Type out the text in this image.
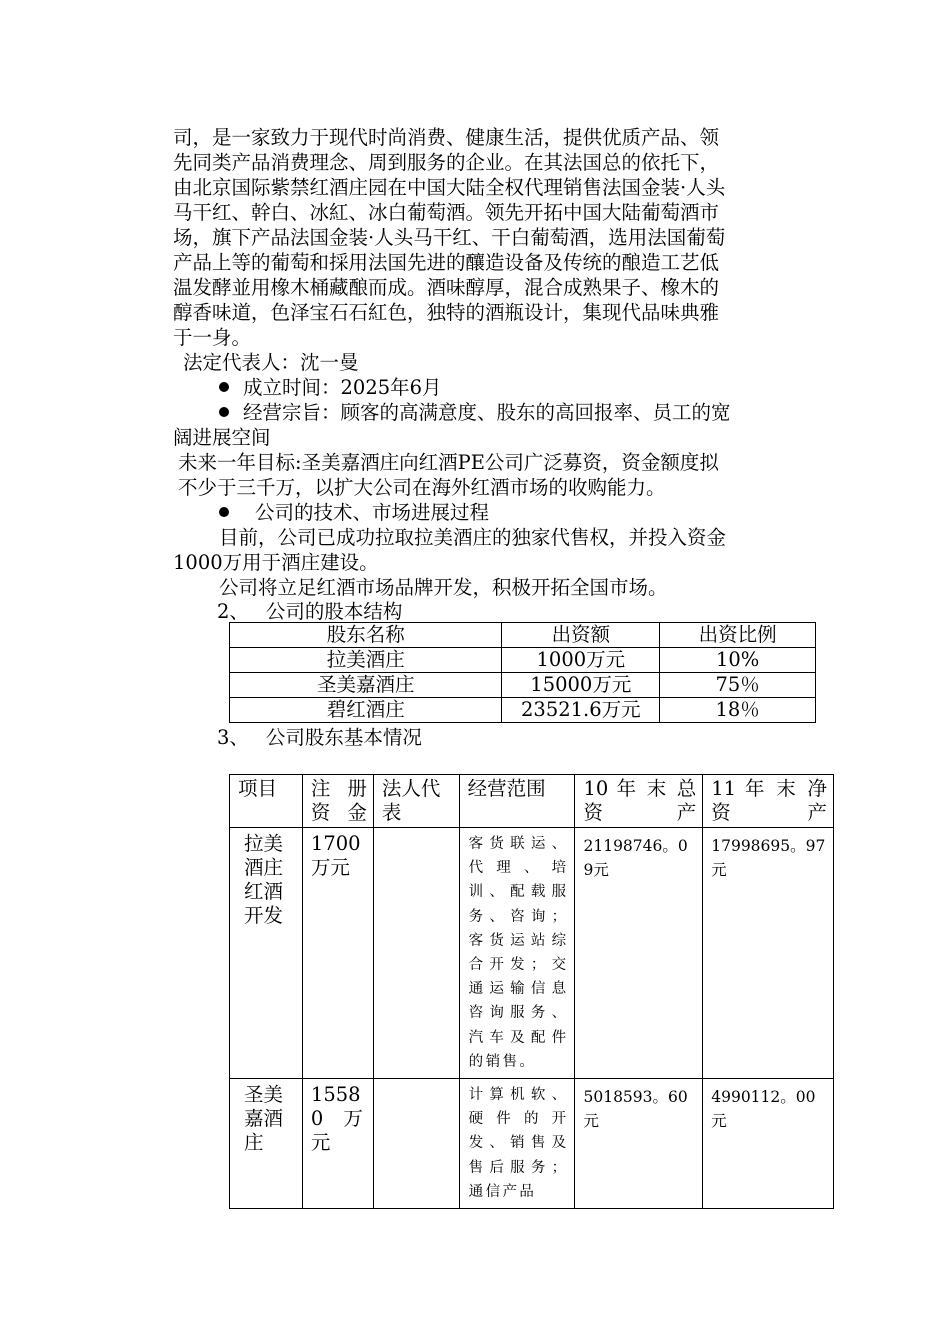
司，是一家致力于现代时尚消费、健康生活，提供优质产品、领
先同类产品消费理念、周到服务的企业。在其法国总的依托下，
由北京国际紫禁红酒庄园在中国大陆全权代理销售法国金装·人头
马干红、幹白、冰紅、冰白葡萄酒。领先开拓中国大陆葡萄酒市
场，旗下产品法国金装·人头马干红、干白葡萄酒，选用法国葡萄
产品上等的葡萄和採用法国先进的釀造设备及传统的酿造工艺低
温发酵並用橡木桶藏酿而成。酒味醇厚，混合成熟果子、橡木的
醇香味道，色泽宝石石紅色，独特的酒瓶设计，集现代品味典雅
于一身。
法定代表人：沈一曼
成立时间：2025年6月
经营宗旨：顾客的高满意度、股东的高回报率、员工的宽
阔进展空间
未来一年目标:圣美嘉酒庄向红酒PE公司广泛募资，资金额度拟
不少于三千万，以扩大公司在海外红酒市场的收购能力。
公司的技术、市场进展过程
目前，公司已成功拉取拉美酒庄的独家代售权，并投入资金
1000万用于酒庄建设。
公司将立足红酒市场品牌开发，积极开拓全国市场。
2、 公司的股本结构
股东名称	出资额	出资比例
拉美酒庄	1000万元	10%
圣美嘉酒庄	15000万元	75％
碧红酒庄	23521.6万元	18％
3、 公司股东基本情况
项目	注 册 资金	法人代表	经营范围	10 年 末 总 资产	11 年 末 净 资产
拉美酒庄红酒开发	1700万元		客货联运、代理、培训、配载服务、咨询；客货运站综合开发；交通运输信息咨询服务、汽车及配件的销售。	21198746。09元	17998695。97元
圣美嘉酒庄	15580 万 元		计算机软、硬件的开发、销售及售后服务；通信产品	5018593。60元	4990112。00元
